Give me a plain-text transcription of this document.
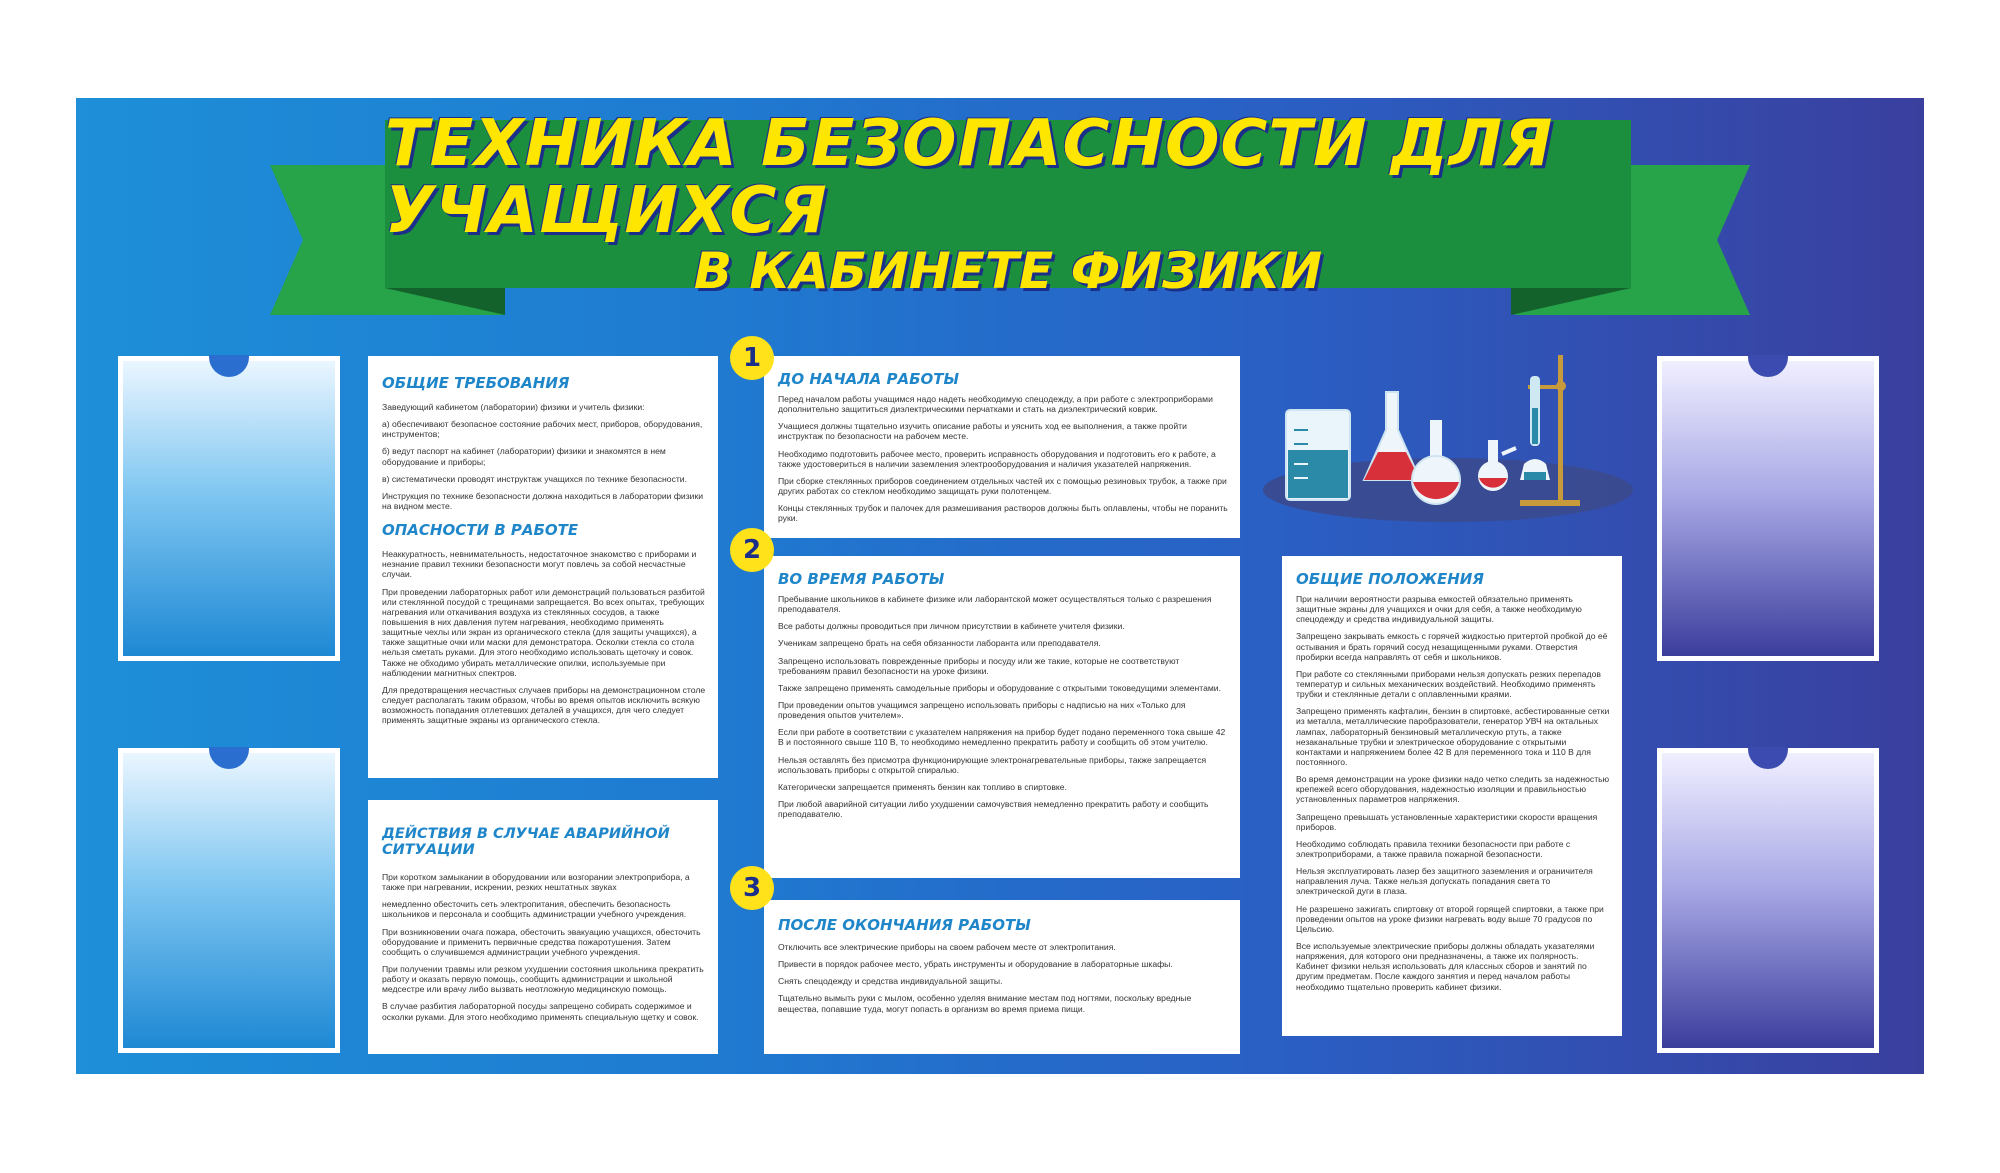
ТЕХНИКА БЕЗОПАСНОСТИ ДЛЯ УЧАЩИХСЯ
В КАБИНЕТЕ ФИЗИКИ
ОБЩИЕ ТРЕБОВАНИЯ

Заведующий кабинетом (лаборатории) физики и учитель физики:

а) обеспечивают безопасное состояние рабочих мест, приборов, оборудования, инструментов;

б) ведут паспорт на кабинет (лаборатории) физики и знакомятся в нем оборудование и приборы;

в) систематически проводят инструктаж учащихся по технике безопасности.

Инструкция по технике безопасности должна находиться в лаборатории физики на видном месте.

ОПАСНОСТИ В РАБОТЕ

Неаккуратность, невнимательность, недостаточное знакомство с приборами и незнание правил техники безопасности могут повлечь за собой несчастные случаи.

При проведении лабораторных работ или демонстраций пользоваться разбитой или стеклянной посудой с трещинами запрещается. Во всех опытах, требующих нагревания или откачивания воздуха из стеклянных сосудов, а также повышения в них давления путем нагревания, необходимо применять защитные чехлы или экран из органического стекла (для защиты учащихся), а также защитные очки или маски для демонстратора. Осколки стекла со стола нельзя сметать руками. Для этого необходимо использовать щеточку и совок. Также не обходимо убирать металлические опилки, используемые при наблюдении магнитных спектров.

Для предотвращения несчастных случаев приборы на демонстрационном столе следует располагать таким образом, чтобы во время опытов исключить всякую возможность попадания отлетевших деталей в учащихся, для чего следует применять защитные экраны из органического стекла.

ДЕЙСТВИЯ В СЛУЧАЕ АВАРИЙНОЙ СИТУАЦИИ

При коротком замыкании в оборудовании или возгорании электроприбора, а также при нагревании, искрении, резких нештатных звуках

немедленно обесточить сеть электропитания, обеспечить безопасность школьников и персонала и сообщить администрации учебного учреждения.

При возникновении очага пожара, обесточить эвакуацию учащихся, обесточить оборудование и применить первичные средства пожаротушения. Затем сообщить о случившемся администрации учебного учреждения.

При получении травмы или резком ухудшении состояния школьника прекратить работу и оказать первую помощь, сообщить администрации и школьной медсестре или врачу либо вызвать неотложную медицинскую помощь.

В случае разбития лабораторной посуды запрещено собирать содержимое и осколки руками. Для этого необходимо применять специальную щетку и совок.

ДО НАЧАЛА РАБОТЫ

Перед началом работы учащимся надо надеть необходимую спецодежду, а при работе с электроприборами дополнительно защититься диэлектрическими перчатками и стать на диэлектрический коврик.

Учащиеся должны тщательно изучить описание работы и уяснить ход ее выполнения, а также пройти инструктаж по безопасности на рабочем месте.

Необходимо подготовить рабочее место, проверить исправность оборудования и подготовить его к работе, а также удостовериться в наличии заземления электрооборудования и наличия указателей напряжения.

При сборке стеклянных приборов соединением отдельных частей их с помощью резиновых трубок, а также при других работах со стеклом необходимо защищать руки полотенцем.

Концы стеклянных трубок и палочек для размешивания растворов должны быть оплавлены, чтобы не поранить руки.

1
ВО ВРЕМЯ РАБОТЫ

Пребывание школьников в кабинете физике или лаборантской может осуществляться только с разрешения преподавателя.

Все работы должны проводиться при личном присутствии в кабинете учителя физики.

Ученикам запрещено брать на себя обязанности лаборанта или преподавателя.

Запрещено использовать поврежденные приборы и посуду или же такие, которые не соответствуют требованиям правил безопасности на уроке физики.

Также запрещено применять самодельные приборы и оборудование с открытыми токоведущими элементами.

При проведении опытов учащимся запрещено использовать приборы с надписью на них «Только для проведения опытов учителем».

Если при работе в соответствии с указателем напряжения на прибор будет подано переменного тока свыше 42 В и постоянного свыше 110 В, то необходимо немедленно прекратить работу и сообщить об этом учителю.

Нельзя оставлять без присмотра функционирующие электронагревательные приборы, также запрещается использовать приборы с открытой спиралью.

Категорически запрещается применять бензин как топливо в спиртовке.

При любой аварийной ситуации либо ухудшении самочувствия немедленно прекратить работу и сообщить преподавателю.

2
ПОСЛЕ ОКОНЧАНИЯ РАБОТЫ

Отключить все электрические приборы на своем рабочем месте от электропитания.

Привести в порядок рабочее место, убрать инструменты и оборудование в лабораторные шкафы.

Снять спецодежду и средства индивидуальной защиты.

Тщательно вымыть руки с мылом, особенно уделяя внимание местам под ногтями, поскольку вредные вещества, попавшие туда, могут попасть в организм во время приема пищи.

3
ОБЩИЕ ПОЛОЖЕНИЯ

При наличии вероятности разрыва емкостей обязательно применять защитные экраны для учащихся и очки для себя, а также необходимую спецодежду и средства индивидуальной защиты.

Запрещено закрывать емкость с горячей жидкостью притертой пробкой до её остывания и брать горячий сосуд незащищенными руками. Отверстия пробирки всегда направлять от себя и школьников.

При работе со стеклянными приборами нельзя допускать резких перепадов температур и сильных механических воздействий. Необходимо применять трубки и стеклянные детали с оплавленными краями.

Запрещено применять кафталин, бензин в спиртовке, асбестированные сетки из металла, металлические паробразователи, генератор УВЧ на октальных лампах, лабораторный бензиновый металлическую ртуть, а также незаканальные трубки и электрическое оборудование с открытыми контактами и напряжением более 42 В для переменного тока и 110 В для постоянного.

Во время демонстрации на уроке физики надо четко следить за надежностью крепежей всего оборудования, надежностью изоляции и правильностью установленных параметров напряжения.

Запрещено превышать установленные характеристики скорости вращения приборов.

Необходимо соблюдать правила техники безопасности при работе с электроприборами, а также правила пожарной безопасности.

Нельзя эксплуатировать лазер без защитного заземления и ограничителя направления луча. Также нельзя допускать попадания света то электрической дуги в глаза.

Не разрешено зажигать спиртовку от второй горящей спиртовки, а также при проведении опытов на уроке физики нагревать воду выше 70 градусов по Цельсию.

Все используемые электрические приборы должны обладать указателями напряжения, для которого они предназначены, а также их полярность. Кабинет физики нельзя использовать для классных сборов и занятий по другим предметам. После каждого занятия и перед началом работы необходимо тщательно проверить кабинет физики.
